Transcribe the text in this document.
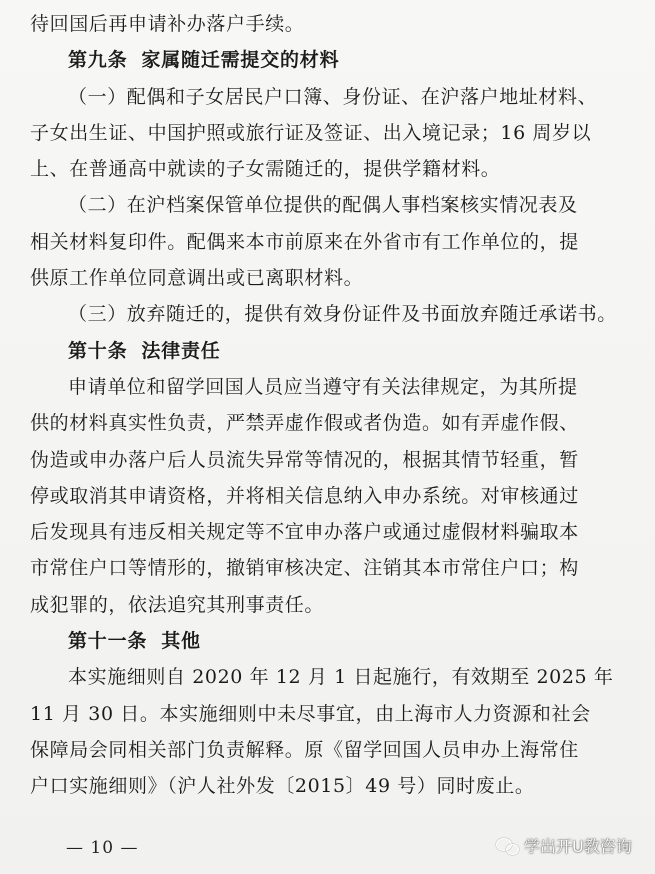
待回国后再申请补办落户手续。
第九条 家属随迁需提交的材料
（一）配偶和子女居民户口簿、身份证、在沪落户地址材料、
子女出生证、中国护照或旅行证及签证、出入境记录；16 周岁以
上、在普通高中就读的子女需随迁的，提供学籍材料。
（二）在沪档案保管单位提供的配偶人事档案核实情况表及
相关材料复印件。配偶来本市前原来在外省市有工作单位的，提
供原工作单位同意调出或已离职材料。
（三）放弃随迁的，提供有效身份证件及书面放弃随迁承诺书。
第十条 法律责任
申请单位和留学回国人员应当遵守有关法律规定，为其所提
供的材料真实性负责，严禁弄虚作假或者伪造。如有弄虚作假、
伪造或申办落户后人员流失异常等情况的，根据其情节轻重，暂
停或取消其申请资格，并将相关信息纳入申办系统。对审核通过
后发现具有违反相关规定等不宜申办落户或通过虚假材料骗取本
市常住户口等情形的，撤销审核决定、注销其本市常住户口；构
成犯罪的，依法追究其刑事责任。
第十一条 其他
本实施细则自 2020 年 12 月 1 日起施行，有效期至 2025 年
11 月 30 日。本实施细则中未尽事宜，由上海市人力资源和社会
保障局会同相关部门负责解释。原《留学回国人员申办上海常住
户口实施细则》（沪人社外发〔2015〕49 号）同时废止。
— 10 —	学出开U教咨询
